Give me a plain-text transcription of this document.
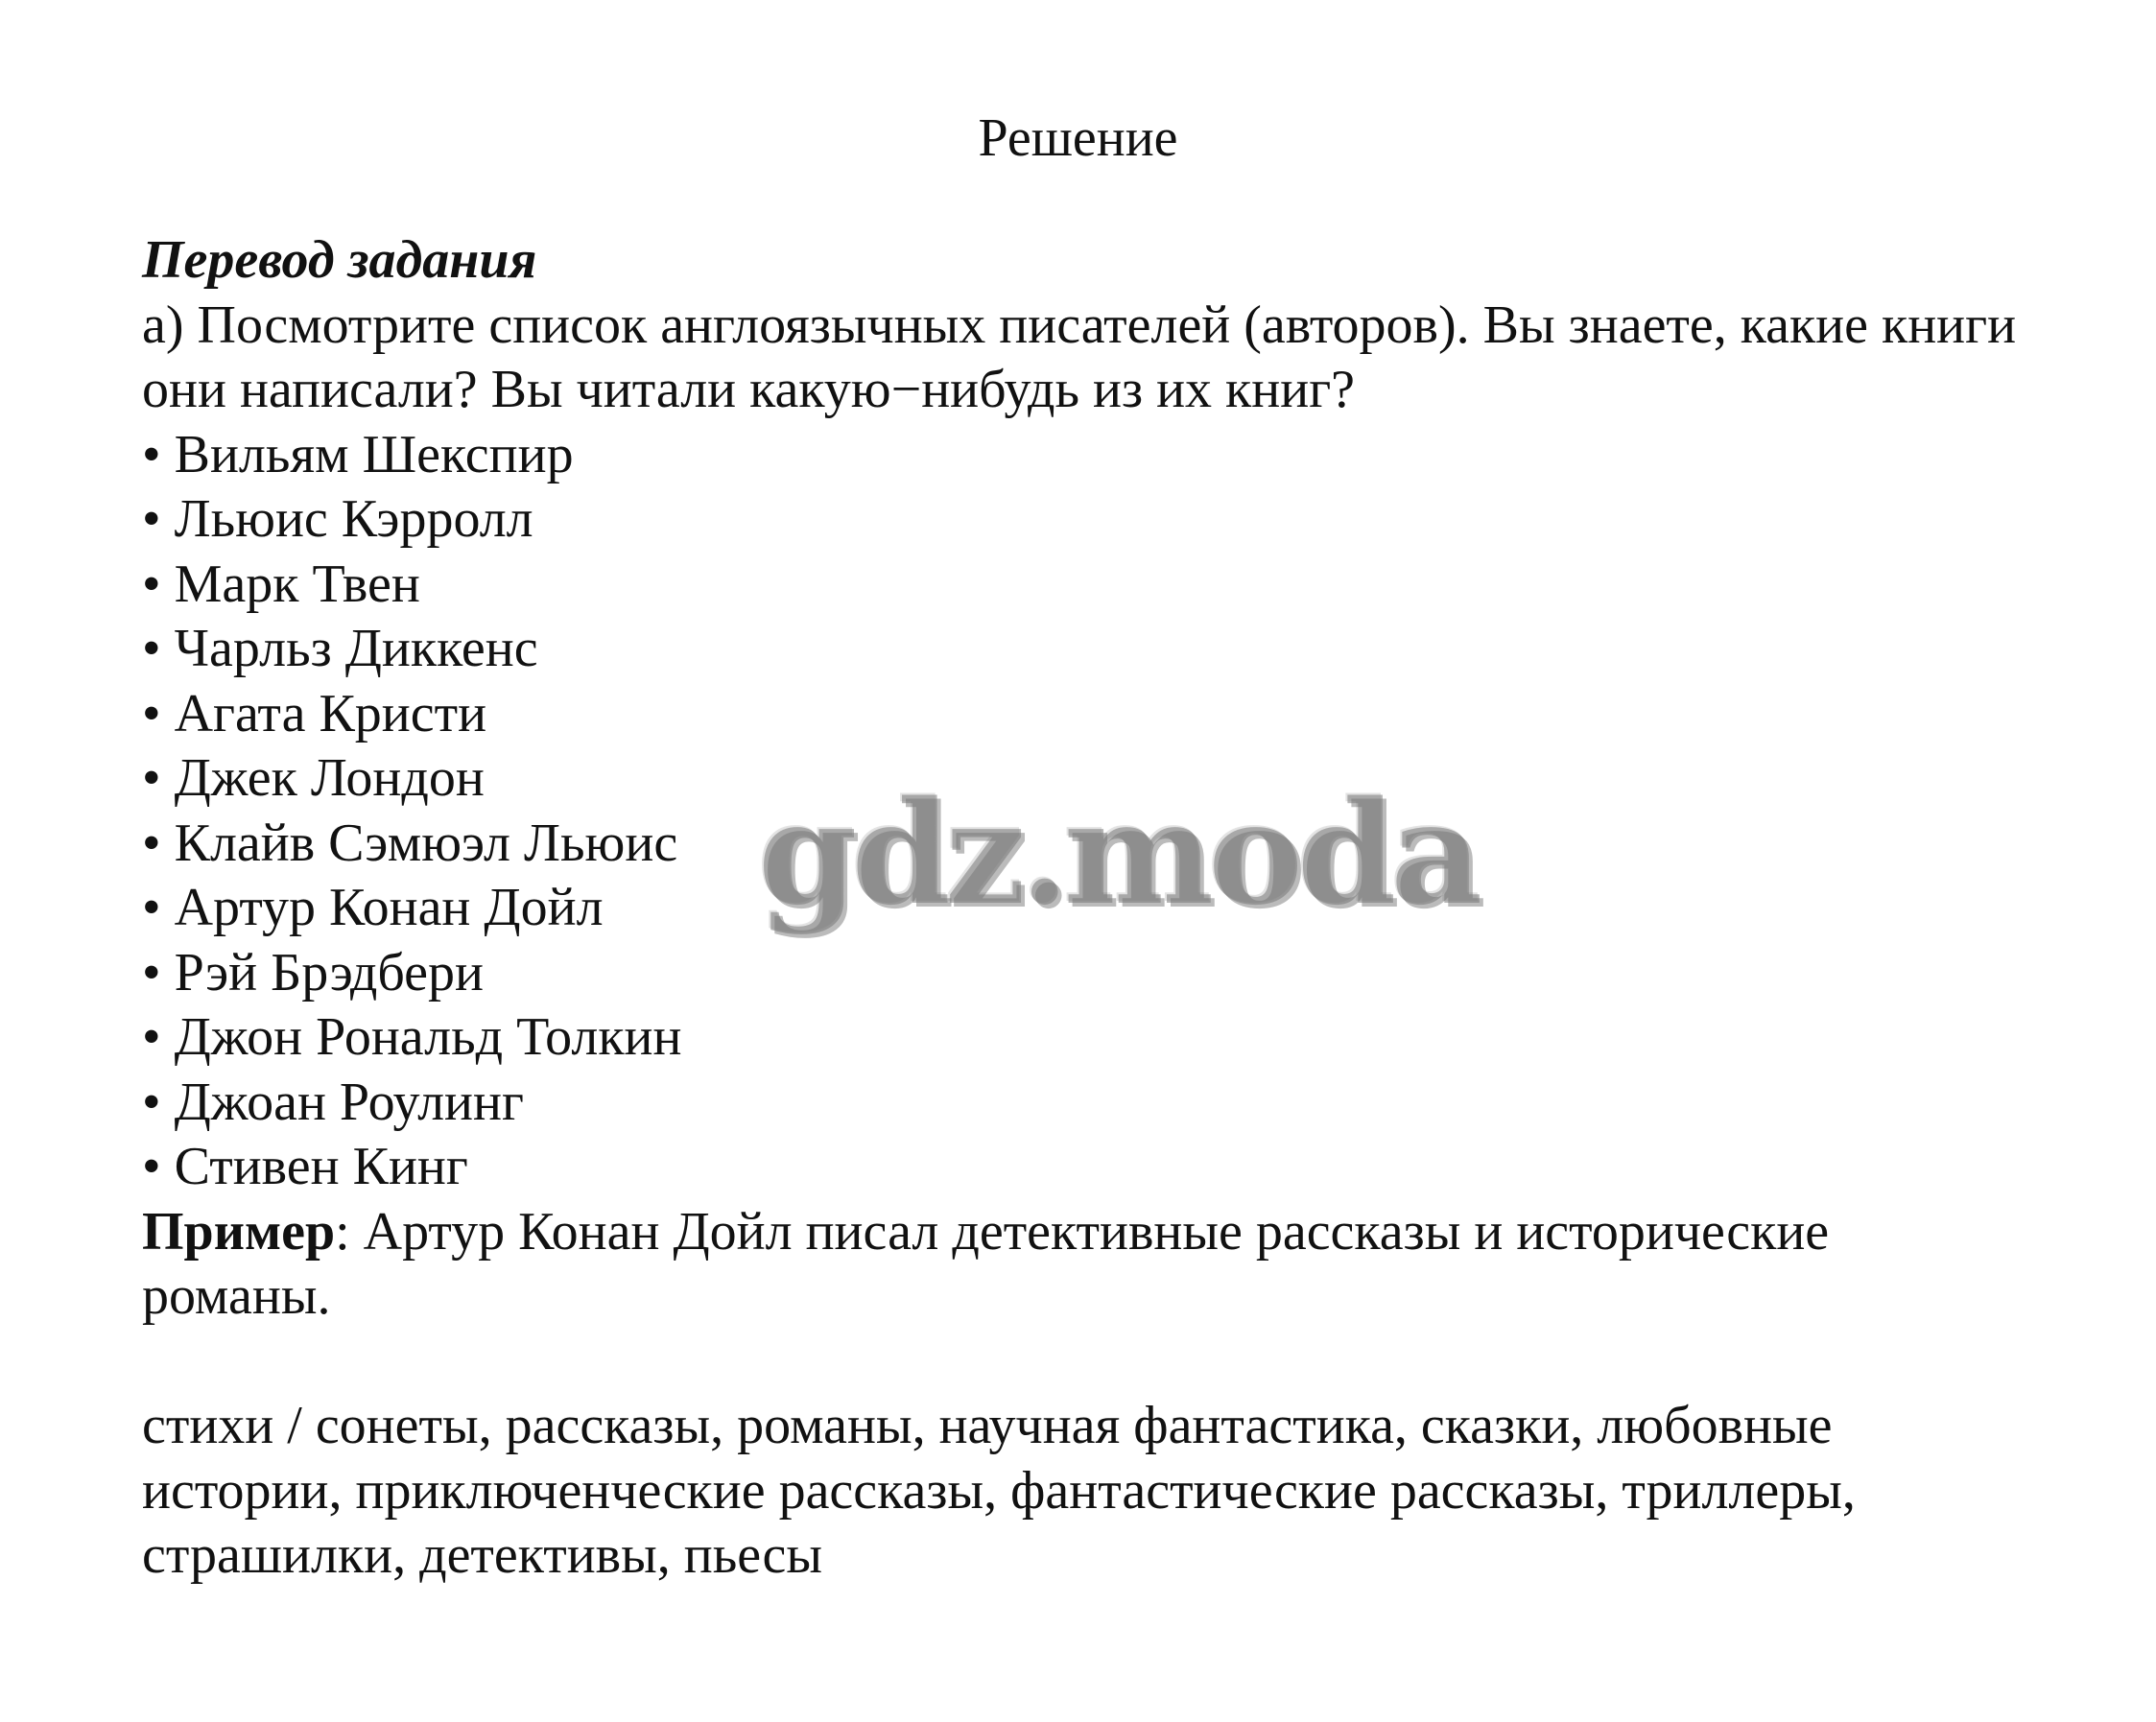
Решение

Перевод задания

а) Посмотрите список англоязычных писателей (авторов). Вы знаете, какие книги они написали? Вы читали какую−нибудь из их книг?

• Вильям Шекспир
• Льюис Кэрролл
• Марк Твен
• Чарльз Диккенс
• Агата Кристи
• Джек Лондон
• Клайв Сэмюэл Льюис
• Артур Конан Дойл
• Рэй Брэдбери
• Джон Рональд Толкин
• Джоан Роулинг
• Стивен Кинг

Пример: Артур Конан Дойл писал детективные рассказы и исторические романы.

стихи / сонеты, рассказы, романы, научная фантастика, сказки, любовные истории, приключенческие рассказы, фантастические рассказы, триллеры, страшилки, детективы, пьесы

gdz.moda
